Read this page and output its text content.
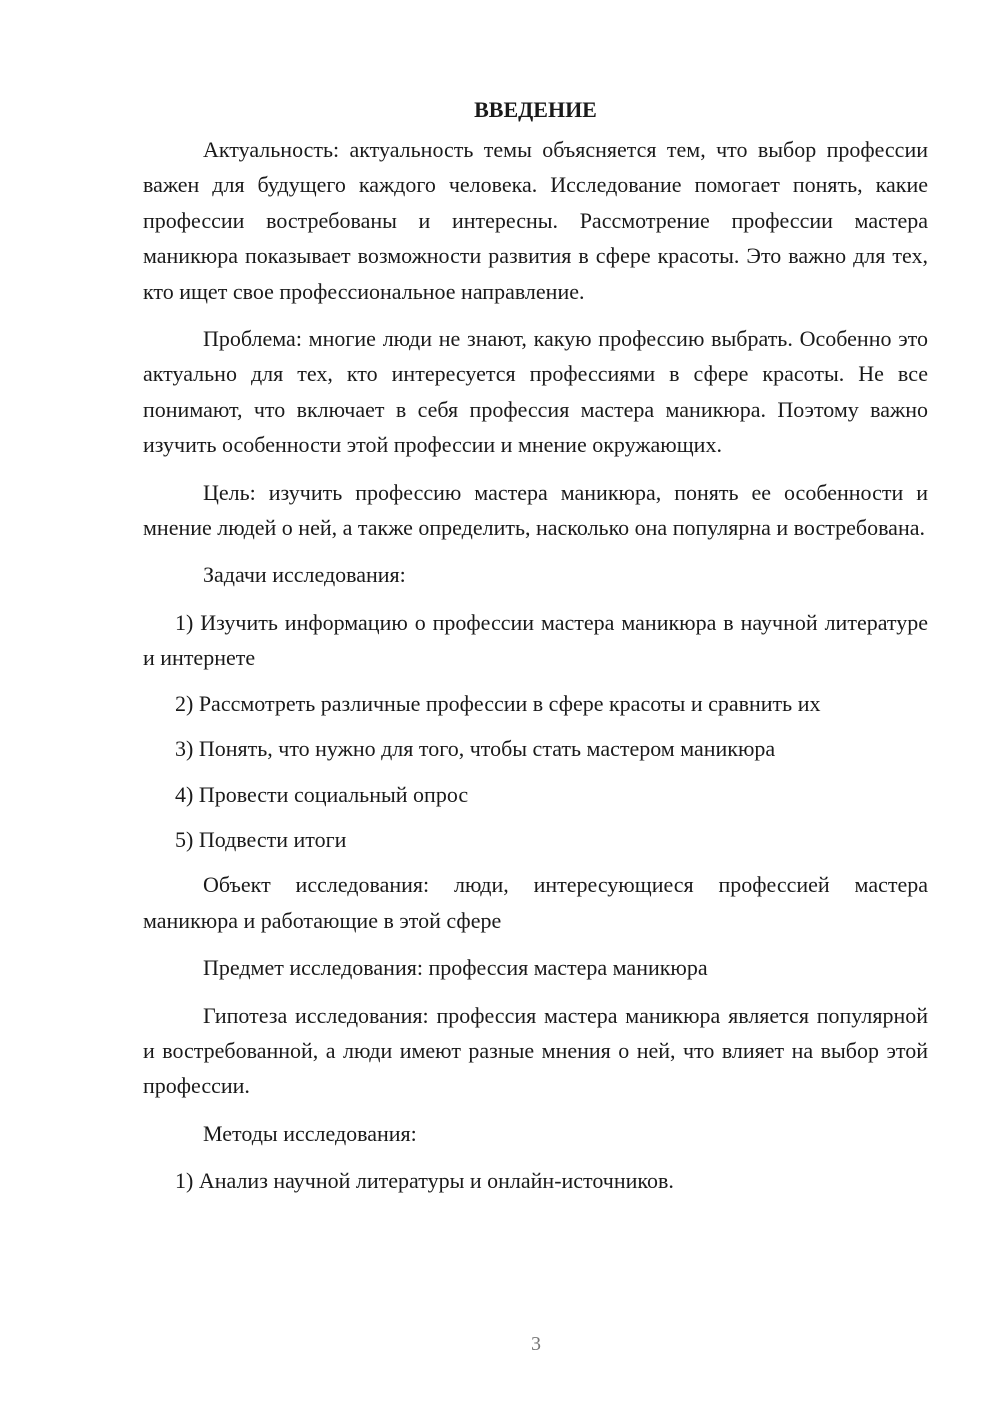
ВВЕДЕНИЕ

Актуальность: актуальность темы объясняется тем, что выбор профессии важен для будущего каждого человека. Исследование помогает понять, какие профессии востребованы и интересны. Рассмотрение профессии мастера маникюра показывает возможности развития в сфере красоты. Это важно для тех, кто ищет свое профессиональное направление.

Проблема: многие люди не знают, какую профессию выбрать. Особенно это актуально для тех, кто интересуется профессиями в сфере красоты. Не все понимают, что включает в себя профессия мастера маникюра. Поэтому важно изучить особенности этой профессии и мнение окружающих.

Цель: изучить профессию мастера маникюра, понять ее особенности и мнение людей о ней, а также определить, насколько она популярна и востребована.

Задачи исследования:

1) Изучить информацию о профессии мастера маникюра в научной литературе и интернете

2) Рассмотреть различные профессии в сфере красоты и сравнить их

3) Понять, что нужно для того, чтобы стать мастером маникюра

4) Провести социальный опрос

5) Подвести итоги

Объект исследования: люди, интересующиеся профессией мастера маникюра и работающие в этой сфере

Предмет исследования: профессия мастера маникюра

Гипотеза исследования: профессия мастера маникюра является популярной и востребованной, а люди имеют разные мнения о ней, что влияет на выбор этой профессии.

Методы исследования:

1) Анализ научной литературы и онлайн-источников.

3
